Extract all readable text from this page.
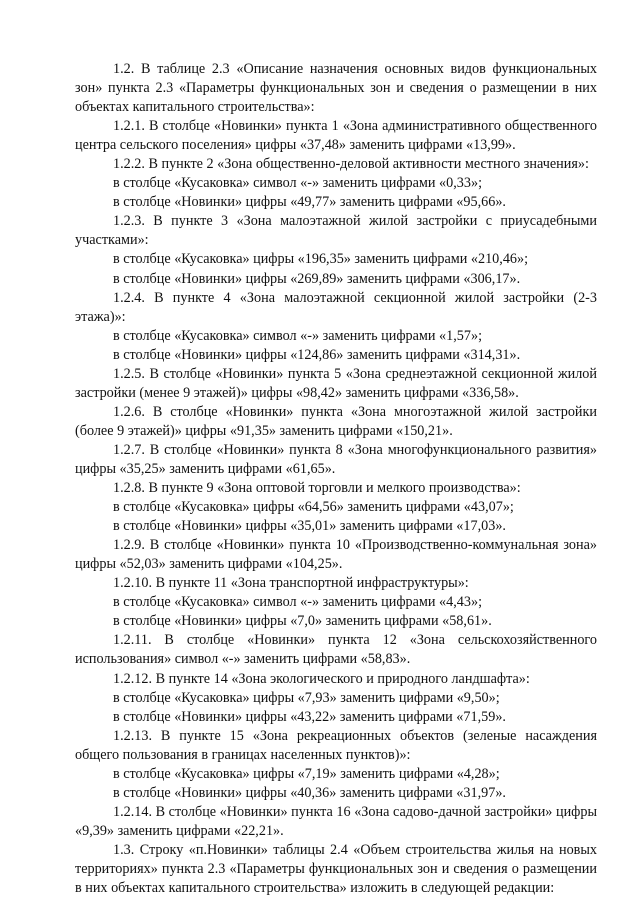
1.2. В таблице 2.3 «Описание назначения основных видов функциональных зон» пункта 2.3 «Параметры функциональных зон и сведения о размещении в них объектах капитального строительства»:

1.2.1. В столбце «Новинки» пункта 1 «Зона административного общественного центра сельского поселения» цифры «37,48» заменить цифрами «13,99».

1.2.2. В пункте 2 «Зона общественно-деловой активности местного значения»:

в столбце «Кусаковка» символ «-» заменить цифрами «0,33»;

в столбце «Новинки» цифры «49,77» заменить цифрами «95,66».

1.2.3. В пункте 3 «Зона малоэтажной жилой застройки с приусадебными участками»:

в столбце «Кусаковка» цифры «196,35» заменить цифрами «210,46»;

в столбце «Новинки» цифры «269,89» заменить цифрами «306,17».

1.2.4. В пункте 4 «Зона малоэтажной секционной жилой застройки (2-3 этажа)»:

в столбце «Кусаковка» символ «-» заменить цифрами «1,57»;

в столбце «Новинки» цифры «124,86» заменить цифрами «314,31».

1.2.5. В столбце «Новинки» пункта 5 «Зона среднеэтажной секционной жилой застройки (менее 9 этажей)» цифры «98,42» заменить цифрами «336,58».

1.2.6. В столбце «Новинки» пункта «Зона многоэтажной жилой застройки (более 9 этажей)» цифры «91,35» заменить цифрами «150,21».

1.2.7. В столбце «Новинки» пункта 8 «Зона многофункционального развития» цифры «35,25» заменить цифрами «61,65».

1.2.8. В пункте 9 «Зона оптовой торговли и мелкого производства»:

в столбце «Кусаковка» цифры «64,56» заменить цифрами «43,07»;

в столбце «Новинки» цифры «35,01» заменить цифрами «17,03».

1.2.9. В столбце «Новинки» пункта 10 «Производственно-коммунальная зона» цифры «52,03» заменить цифрами «104,25».

1.2.10. В пункте 11 «Зона транспортной инфраструктуры»:

в столбце «Кусаковка» символ «-» заменить цифрами «4,43»;

в столбце «Новинки» цифры «7,0» заменить цифрами «58,61».

1.2.11. В столбце «Новинки» пункта 12 «Зона сельскохозяйственного использования» символ «-» заменить цифрами «58,83».

1.2.12. В пункте 14 «Зона экологического и природного ландшафта»:

в столбце «Кусаковка» цифры «7,93» заменить цифрами «9,50»;

в столбце «Новинки» цифры «43,22» заменить цифрами «71,59».

1.2.13. В пункте 15 «Зона рекреационных объектов (зеленые насаждения общего пользования в границах населенных пунктов)»:

в столбце «Кусаковка» цифры «7,19» заменить цифрами «4,28»;

в столбце «Новинки» цифры «40,36» заменить цифрами «31,97».

1.2.14. В столбце «Новинки» пункта 16 «Зона садово-дачной застройки» цифры «9,39» заменить цифрами «22,21».

1.3. Строку «п.Новинки» таблицы 2.4 «Объем строительства жилья на новых территориях» пункта 2.3 «Параметры функциональных зон и сведения о размещении в них объектах капитального строительства» изложить в следующей редакции:
